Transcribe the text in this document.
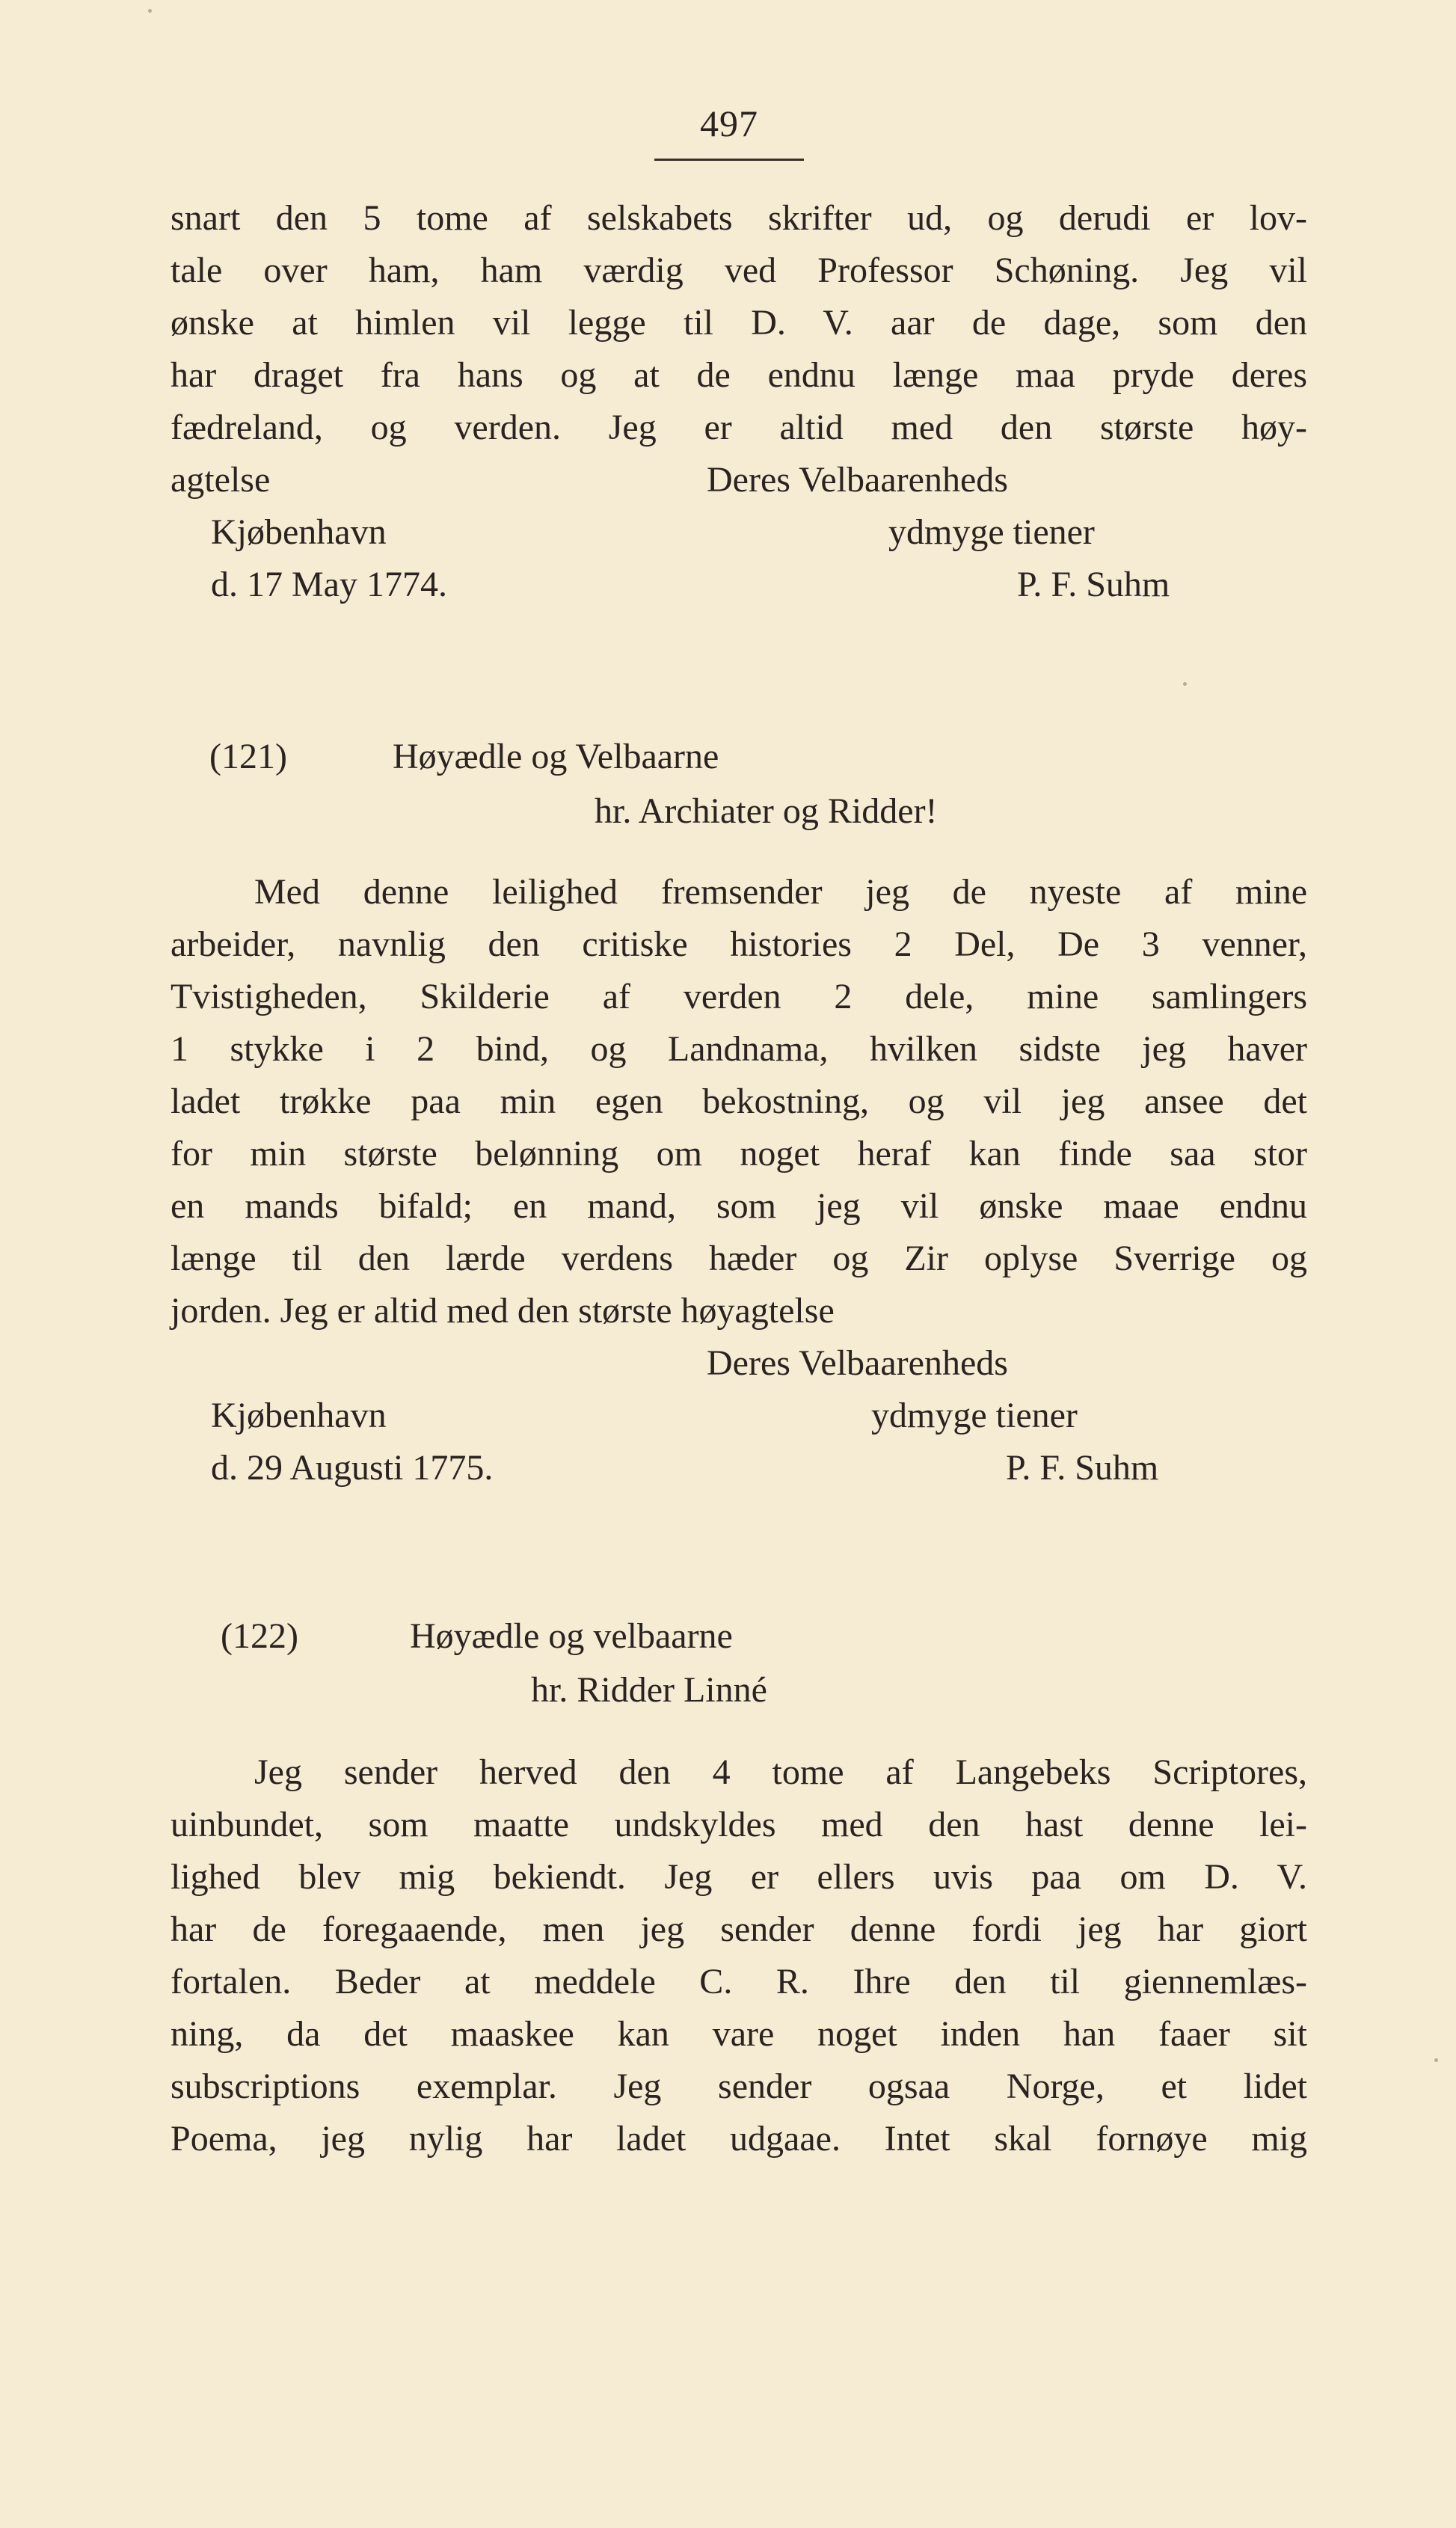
497
snart den 5 tome af selskabets skrifter ud, og derudi er lov-
tale over ham, ham værdig ved Professor Schøning. Jeg vil
ønske at himlen vil legge til D. V. aar de dage, som den
har draget fra hans og at de endnu længe maa pryde deres
fædreland, og verden. Jeg er altid med den største høy-
agtelse	Deres Velbaarenheds
Kjøbenhavn	ydmyge tiener
d. 17 May 1774.	P. F. Suhm
(121)	Høyædle og Velbaarne
hr. Archiater og Ridder!
Med denne leilighed fremsender jeg de nyeste af mine
arbeider, navnlig den critiske histories 2 Del, De 3 venner,
Tvistigheden, Skilderie af verden 2 dele, mine samlingers
1 stykke i 2 bind, og Landnama, hvilken sidste jeg haver
ladet trøkke paa min egen bekostning, og vil jeg ansee det
for min største belønning om noget heraf kan finde saa stor
en mands bifald; en mand, som jeg vil ønske maae endnu
længe til den lærde verdens hæder og Zir oplyse Sverrige og
jorden. Jeg er altid med den største høyagtelse
Deres Velbaarenheds
Kjøbenhavn	ydmyge tiener
d. 29 Augusti 1775.	P. F. Suhm
(122)	Høyædle og velbaarne
hr. Ridder Linné
Jeg sender herved den 4 tome af Langebeks Scriptores,
uinbundet, som maatte undskyldes med den hast denne lei-
lighed blev mig bekiendt. Jeg er ellers uvis paa om D. V.
har de foregaaende, men jeg sender denne fordi jeg har giort
fortalen. Beder at meddele C. R. Ihre den til giennemlæs-
ning, da det maaskee kan vare noget inden han faaer sit
subscriptions exemplar. Jeg sender ogsaa Norge, et lidet
Poema, jeg nylig har ladet udgaae. Intet skal fornøye mig
